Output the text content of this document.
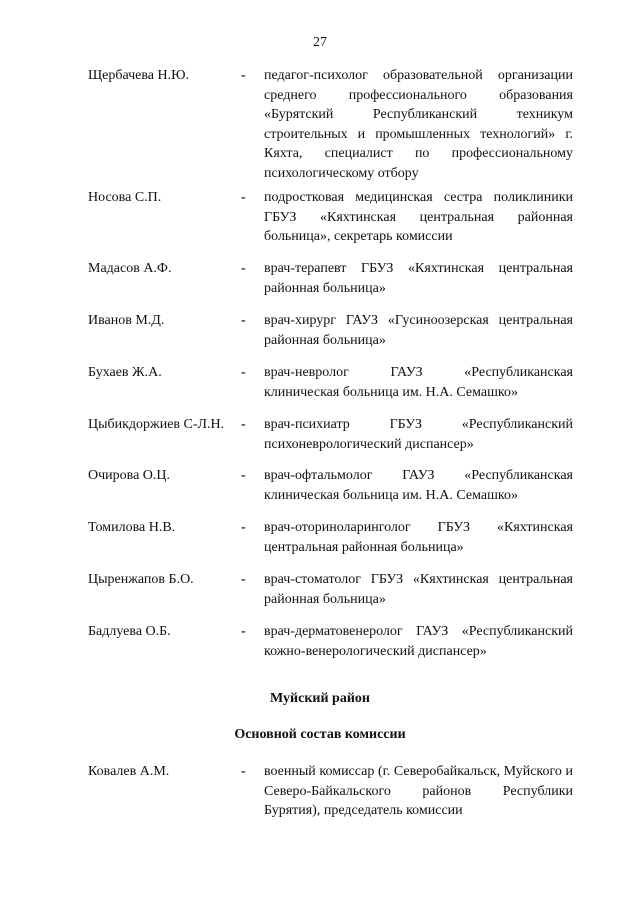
27
Щербачева Н.Ю.	- педагог-психолог образовательной организации среднего профессионального образования «Бурятский Республиканский техникум строительных и промышленных технологий» г. Кяхта, специалист по профессиональному психологическому отбору
Носова С.П.	- подростковая медицинская сестра поликлиники ГБУЗ «Кяхтинская центральная районная больница», секретарь комиссии
Мадасов А.Ф.	- врач-терапевт ГБУЗ «Кяхтинская центральная районная больница»
Иванов М.Д.	- врач-хирург ГАУЗ «Гусиноозерская центральная районная больница»
Бухаев Ж.А.	- врач-невролог ГАУЗ «Республиканская клиническая больница им. Н.А. Семашко»
Цыбикдоржиев С-Л.Н.	- врач-психиатр ГБУЗ «Республиканский психоневрологический диспансер»
Очирова О.Ц.	- врач-офтальмолог ГАУЗ «Республиканская клиническая больница им. Н.А. Семашко»
Томилова Н.В.	- врач-оториноларинголог ГБУЗ «Кяхтинская центральная районная больница»
Цыренжапов Б.О.	- врач-стоматолог ГБУЗ «Кяхтинская центральная районная больница»
Бадлуева О.Б.	- врач-дерматовенеролог ГАУЗ «Республиканский кожно-венерологический диспансер»
Муйский район
Основной состав комиссии
Ковалев А.М.	- военный комиссар (г. Северобайкальск, Муйского и Северо-Байкальского районов Республики Бурятия), председатель комиссии
